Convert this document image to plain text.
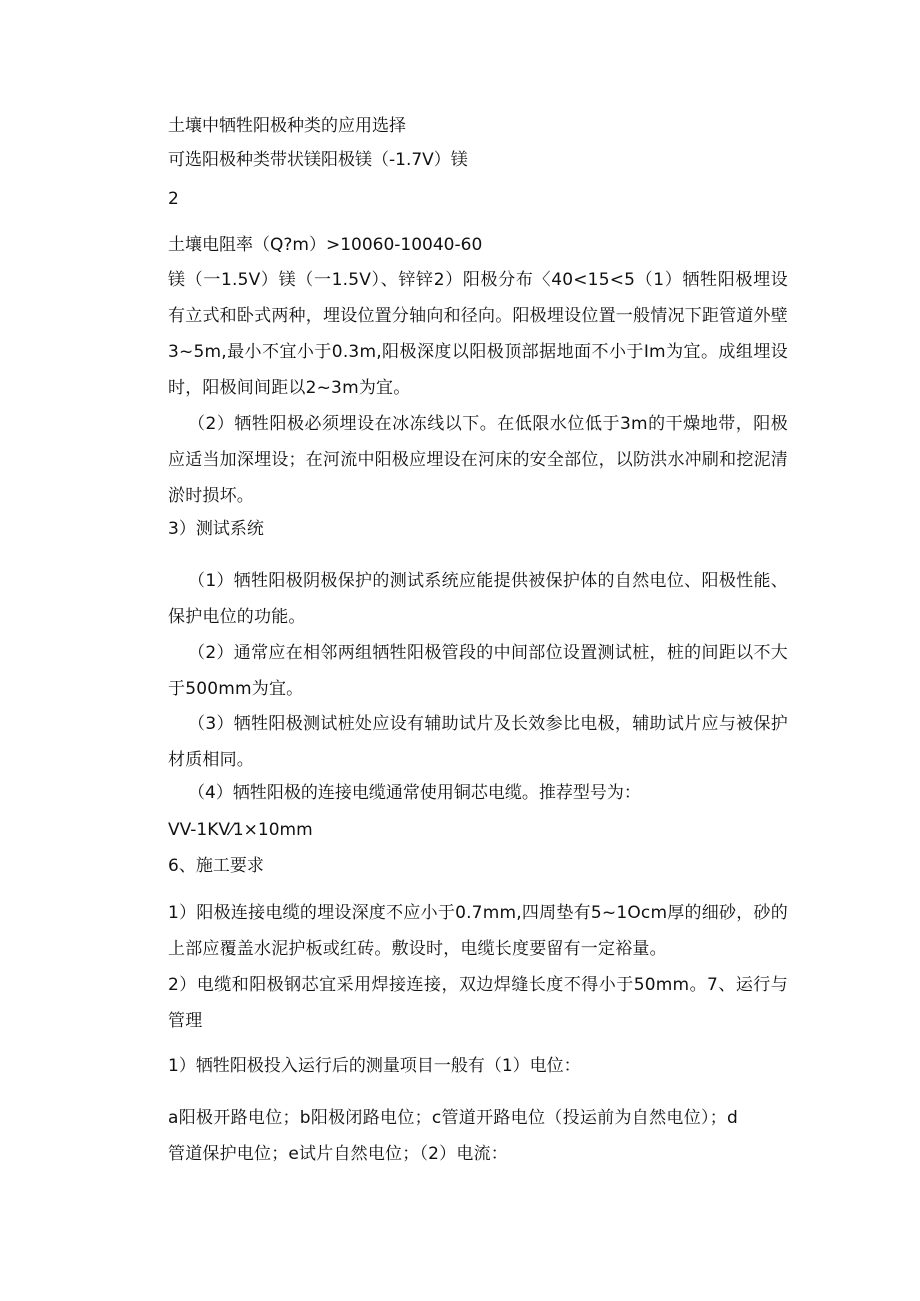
土壤中牺牲阳极种类的应用选择
可选阳极种类带状镁阳极镁（-1.7V）镁
2
土壤电阻率（Q?m）>10060-10040-60
镁（一1.5V）镁（一1.5V）、锌锌2）阳极分布〈40<15<5（1）牺牲阳极埋设有立式和卧式两种，埋设位置分轴向和径向。阳极埋设位置一般情况下距管道外壁3~5m,最小不宜小于0.3m,阳极深度以阳极顶部据地面不小于Im为宜。成组埋设时，阳极间间距以2~3m为宜。
（2）牺牲阳极必须埋设在冰冻线以下。在低限水位低于3m的干燥地带，阳极应适当加深埋设；在河流中阳极应埋设在河床的安全部位，以防洪水冲刷和挖泥清淤时损坏。
3）测试系统
（1）牺牲阳极阴极保护的测试系统应能提供被保护体的自然电位、阳极性能、保护电位的功能。
（2）通常应在相邻两组牺牲阳极管段的中间部位设置测试桩，桩的间距以不大于500mm为宜。
（3）牺牲阳极测试桩处应设有辅助试片及长效参比电极，辅助试片应与被保护材质相同。
（4）牺牲阳极的连接电缆通常使用铜芯电缆。推荐型号为：
VV-1KV⁄1×10mm
6、施工要求
1）阳极连接电缆的埋设深度不应小于0.7mm,四周垫有5~1Ocm厚的细砂，砂的上部应覆盖水泥护板或红砖。敷设时，电缆长度要留有一定裕量。
2）电缆和阳极钢芯宜采用焊接连接，双边焊缝长度不得小于50mm。7、运行与管理
1）牺牲阳极投入运行后的测量项目一般有（1）电位：
a阳极开路电位；b阳极闭路电位；c管道开路电位（投运前为自然电位）；d管道保护电位；e试片自然电位；（2）电流：
